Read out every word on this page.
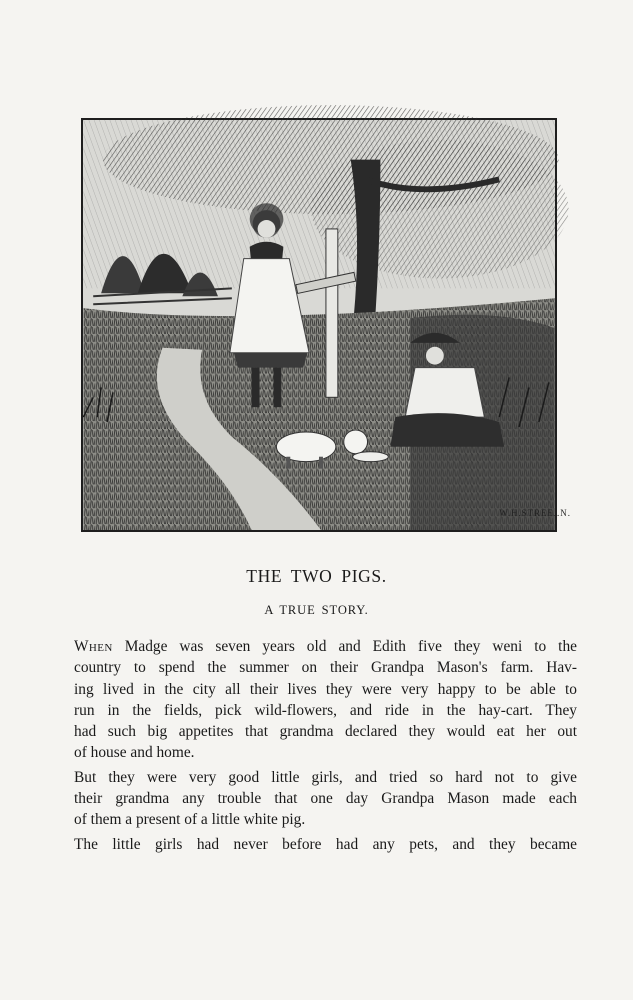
W.H.STREE..N.
THE TWO PIGS.
A TRUE STORY.

When Madge was seven years old and Edith five they weni to the
country to spend the summer on their Grandpa Mason's farm. Hav-
ing lived in the city all their lives they were very happy to be able to
run in the fields, pick wild-flowers, and ride in the hay-cart. They
had such big appetites that grandma declared they would eat her out
of house and home.

But they were very good little girls, and tried so hard not to give
their grandma any trouble that one day Grandpa Mason made each
of them a present of a little white pig.

The little girls had never before had any pets, and they became
